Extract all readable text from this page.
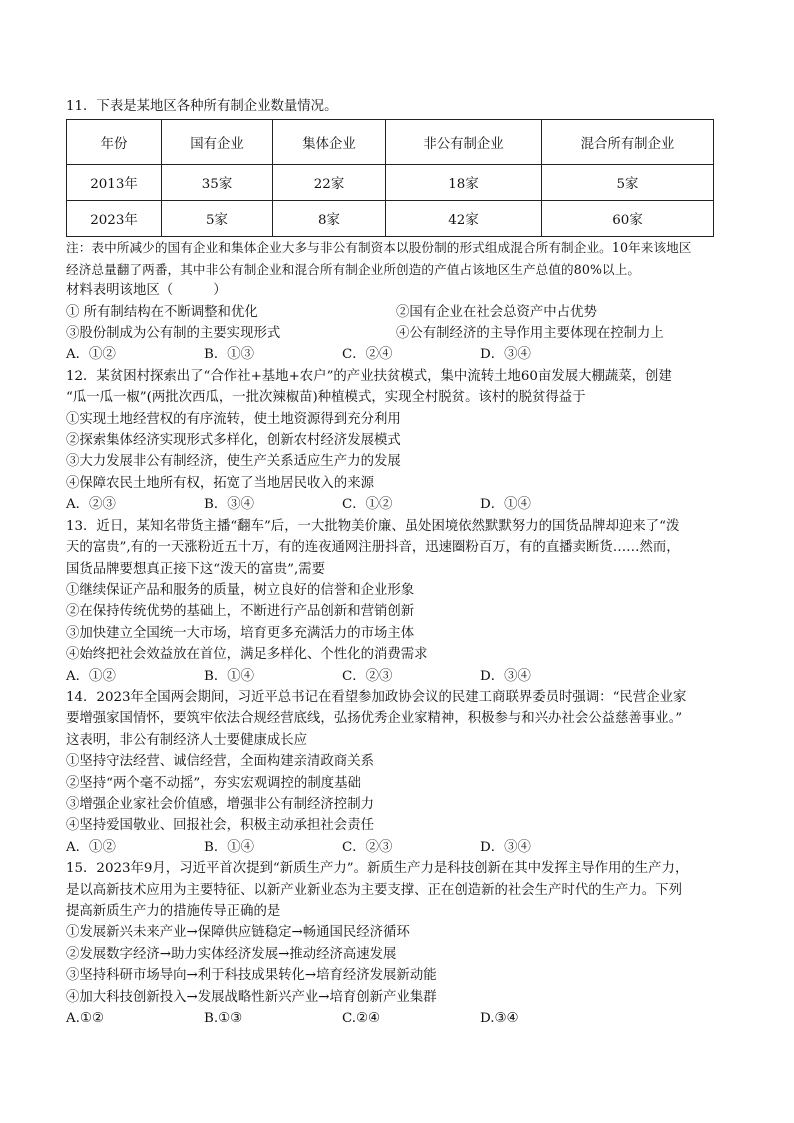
11．下表是某地区各种所有制企业数量情况。
年份	国有企业	集体企业	非公有制企业	混合所有制企业
2013年	35家	22家	18家	5家
2023年	5家	8家	42家	60家
注：表中所减少的国有企业和集体企业大多与非公有制资本以股份制的形式组成混合所有制企业。10年来该地区
经济总量翻了两番，其中非公有制企业和混合所有制企业所创造的产值占该地区生产总值的80%以上。
材料表明该地区（　　　）
① 所有制结构在不断调整和优化	②国有企业在社会总资产中占优势
③股份制成为公有制的主要实现形式	④公有制经济的主导作用主要体现在控制力上
A．①②	B．①③	C．②④	D．③④
12．某贫困村探索出了“合作社+基地+农户”的产业扶贫模式，集中流转土地60亩发展大棚蔬菜，创建
“瓜一瓜一椒”(两批次西瓜，一批次辣椒苗)种植模式，实现全村脱贫。该村的脱贫得益于
①实现土地经营权的有序流转，使土地资源得到充分利用
②探索集体经济实现形式多样化，创新农村经济发展模式
③大力发展非公有制经济，使生产关系适应生产力的发展
④保障农民土地所有权，拓宽了当地居民收入的来源
A．②③	B．③④	C．①②	D．①④
13．近日，某知名带货主播“翻车”后，一大批物美价廉、虽处困境依然默默努力的国货品牌却迎来了“泼
天的富贵”,有的一天涨粉近五十万，有的连夜通网注册抖音，迅速圈粉百万，有的直播卖断货……然而，
国货品牌要想真正接下这“泼天的富贵”,需要
①继续保证产品和服务的质量，树立良好的信誉和企业形象
②在保持传统优势的基础上，不断进行产品创新和营销创新
③加快建立全国统一大市场，培育更多充满活力的市场主体
④始终把社会效益放在首位，满足多样化、个性化的消费需求
A．①②	B．①④	C．②③	D．③④
14．2023年全国两会期间，习近平总书记在看望参加政协会议的民建工商联界委员时强调：“民营企业家
要增强家国情怀，要筑牢依法合规经营底线，弘扬优秀企业家精神，积极参与和兴办社会公益慈善事业。”
这表明，非公有制经济人士要健康成长应
①坚持守法经营、诚信经营，全面构建亲清政商关系
②坚持“两个毫不动摇”，夯实宏观调控的制度基础
③增强企业家社会价值感，增强非公有制经济控制力
④坚持爱国敬业、回报社会，积极主动承担社会责任
A．①②	B．①④	C．②③	D．③④
15．2023年9月，习近平首次提到“新质生产力”。新质生产力是科技创新在其中发挥主导作用的生产力，
是以高新技术应用为主要特征、以新产业新业态为主要支撑、正在创造新的社会生产时代的生产力。下列
提高新质生产力的措施传导正确的是
①发展新兴未来产业→保障供应链稳定→畅通国民经济循环
②发展数字经济→助力实体经济发展→推动经济高速发展
③坚持科研市场导向→利于科技成果转化→培育经济发展新动能
④加大科技创新投入→发展战略性新兴产业→培育创新产业集群
A.①②	B.①③	C.②④	D.③④
